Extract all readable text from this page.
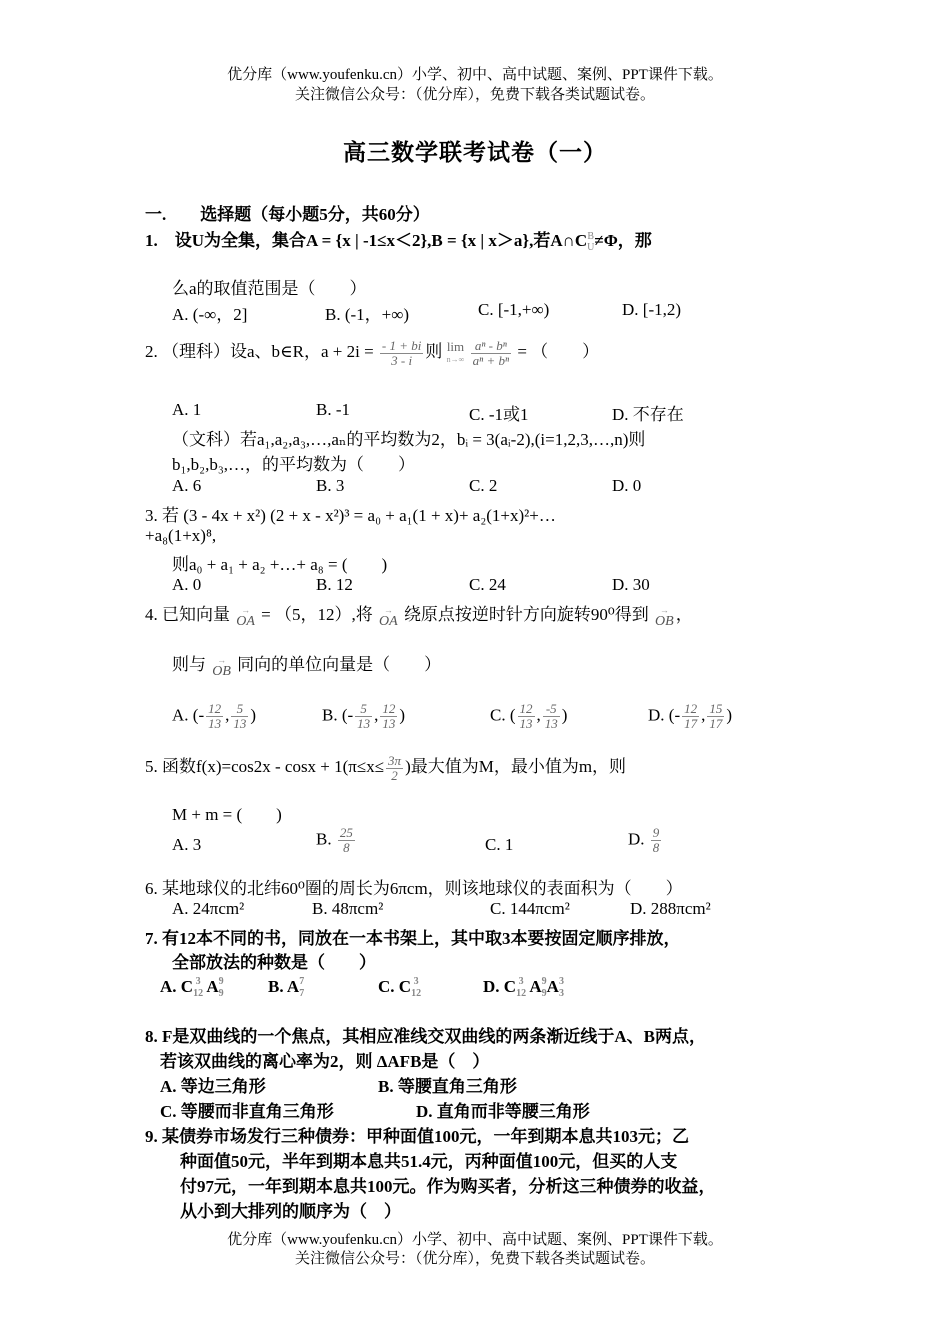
优分库（www.youfenku.cn）小学、初中、高中试题、案例、PPT课件下载。
关注微信公众号：（优分库），免费下载各类试题试卷。
高三数学联考试卷（一）
一.　　选择题（每小题5分，共60分）
1.　设U为全集，集合A = {x | -1≤x＜2},B = {x | x＞a},若A∩C B
U ≠Φ，那
么a的取值范围是（　　）
A. (-∞，2]	B. (-1，+∞)	C. [-1,+∞)	D. [-1,2)
2. （理科）设a、b∈R，$a + 2i = \frac{- 1 + bi}{3 - i}$ 则 lim
n→∞
$\frac{\text{aⁿ - bⁿ}}{\text{aⁿ + bⁿ}}$ = （　　）
A. 1	B. -1	C. -1或1	D. 不存在
（文科）若a₁,a₂,a₃,…,aₙ的平均数为2，bᵢ = 3(aᵢ-2),(i=1,2,3,…,n)则
b₁,b₂,b₃,…，的平均数为（　　）
A. 6	B. 3	C. 2	D. 0
3. 若 (3 - 4x + x²) (2 + x - x²)³ = a₀ + a₁(1 + x)+ a₂(1+x)²+…
+a₈(1+x)⁸,
则a₀ + a₁ + a₂ +…+ a₈ = (　　)
A. 0	B. 12	C. 24	D. 30
4. 已知向量	→
OA = （5，12）,将	→
OA 绕原点按逆时针方向旋转90⁰得到	→
OB ，
则与	→
OB 同向的单位向量是（　　）
A. (- $\frac{12}{13}$ , $\frac{5}{13}$ )	B. (- $\frac{5}{13}$ , $\frac{12}{13}$ )	C. ( $\frac{12}{13}$ , $\frac{-5}{13}$ )	D. (- $\frac{12}{17}$ , $\frac{15}{17}$ )
5. 函数$f(x)=\cos 2x - \cos x + 1(\pi\le x\le \frac{3\pi}{2}$ )最大值为M，最小值为m，则
M + m = (　　)
A. 3	B. $\frac{25}{8}$	C. 1	D. $\frac{9}{8}$
6. 某地球仪的北纬60⁰圈的周长为6πcm，则该地球仪的表面积为（　　）
A. 24πcm²	B. 48πcm²	C. 144πcm²	D. 288πcm²
7. 有12本不同的书，同放在一本书架上，其中取3本要按固定顺序排放，
全部放法的种数是（　　）
A. C 3
12 A 9
9	B. A 7
7	C. C 3
12	D. C 3
12 A 9
9 A 3
3
8. F是双曲线的一个焦点，其相应准线交双曲线的两条渐近线于A、B两点，
若该双曲线的离心率为2，则 ΔAFB是（　）
A. 等边三角形	B. 等腰直角三角形
C. 等腰而非直角三角形	D. 直角而非等腰三角形
9. 某债券市场发行三种债券：甲种面值100元，一年到期本息共103元；乙
种面值50元，半年到期本息共51.4元，丙种面值100元，但买的人支
付97元，一年到期本息共100元。作为购买者，分析这三种债券的收益，
从小到大排列的顺序为（　）
优分库（www.youfenku.cn）小学、初中、高中试题、案例、PPT课件下载。
关注微信公众号：（优分库），免费下载各类试题试卷。
